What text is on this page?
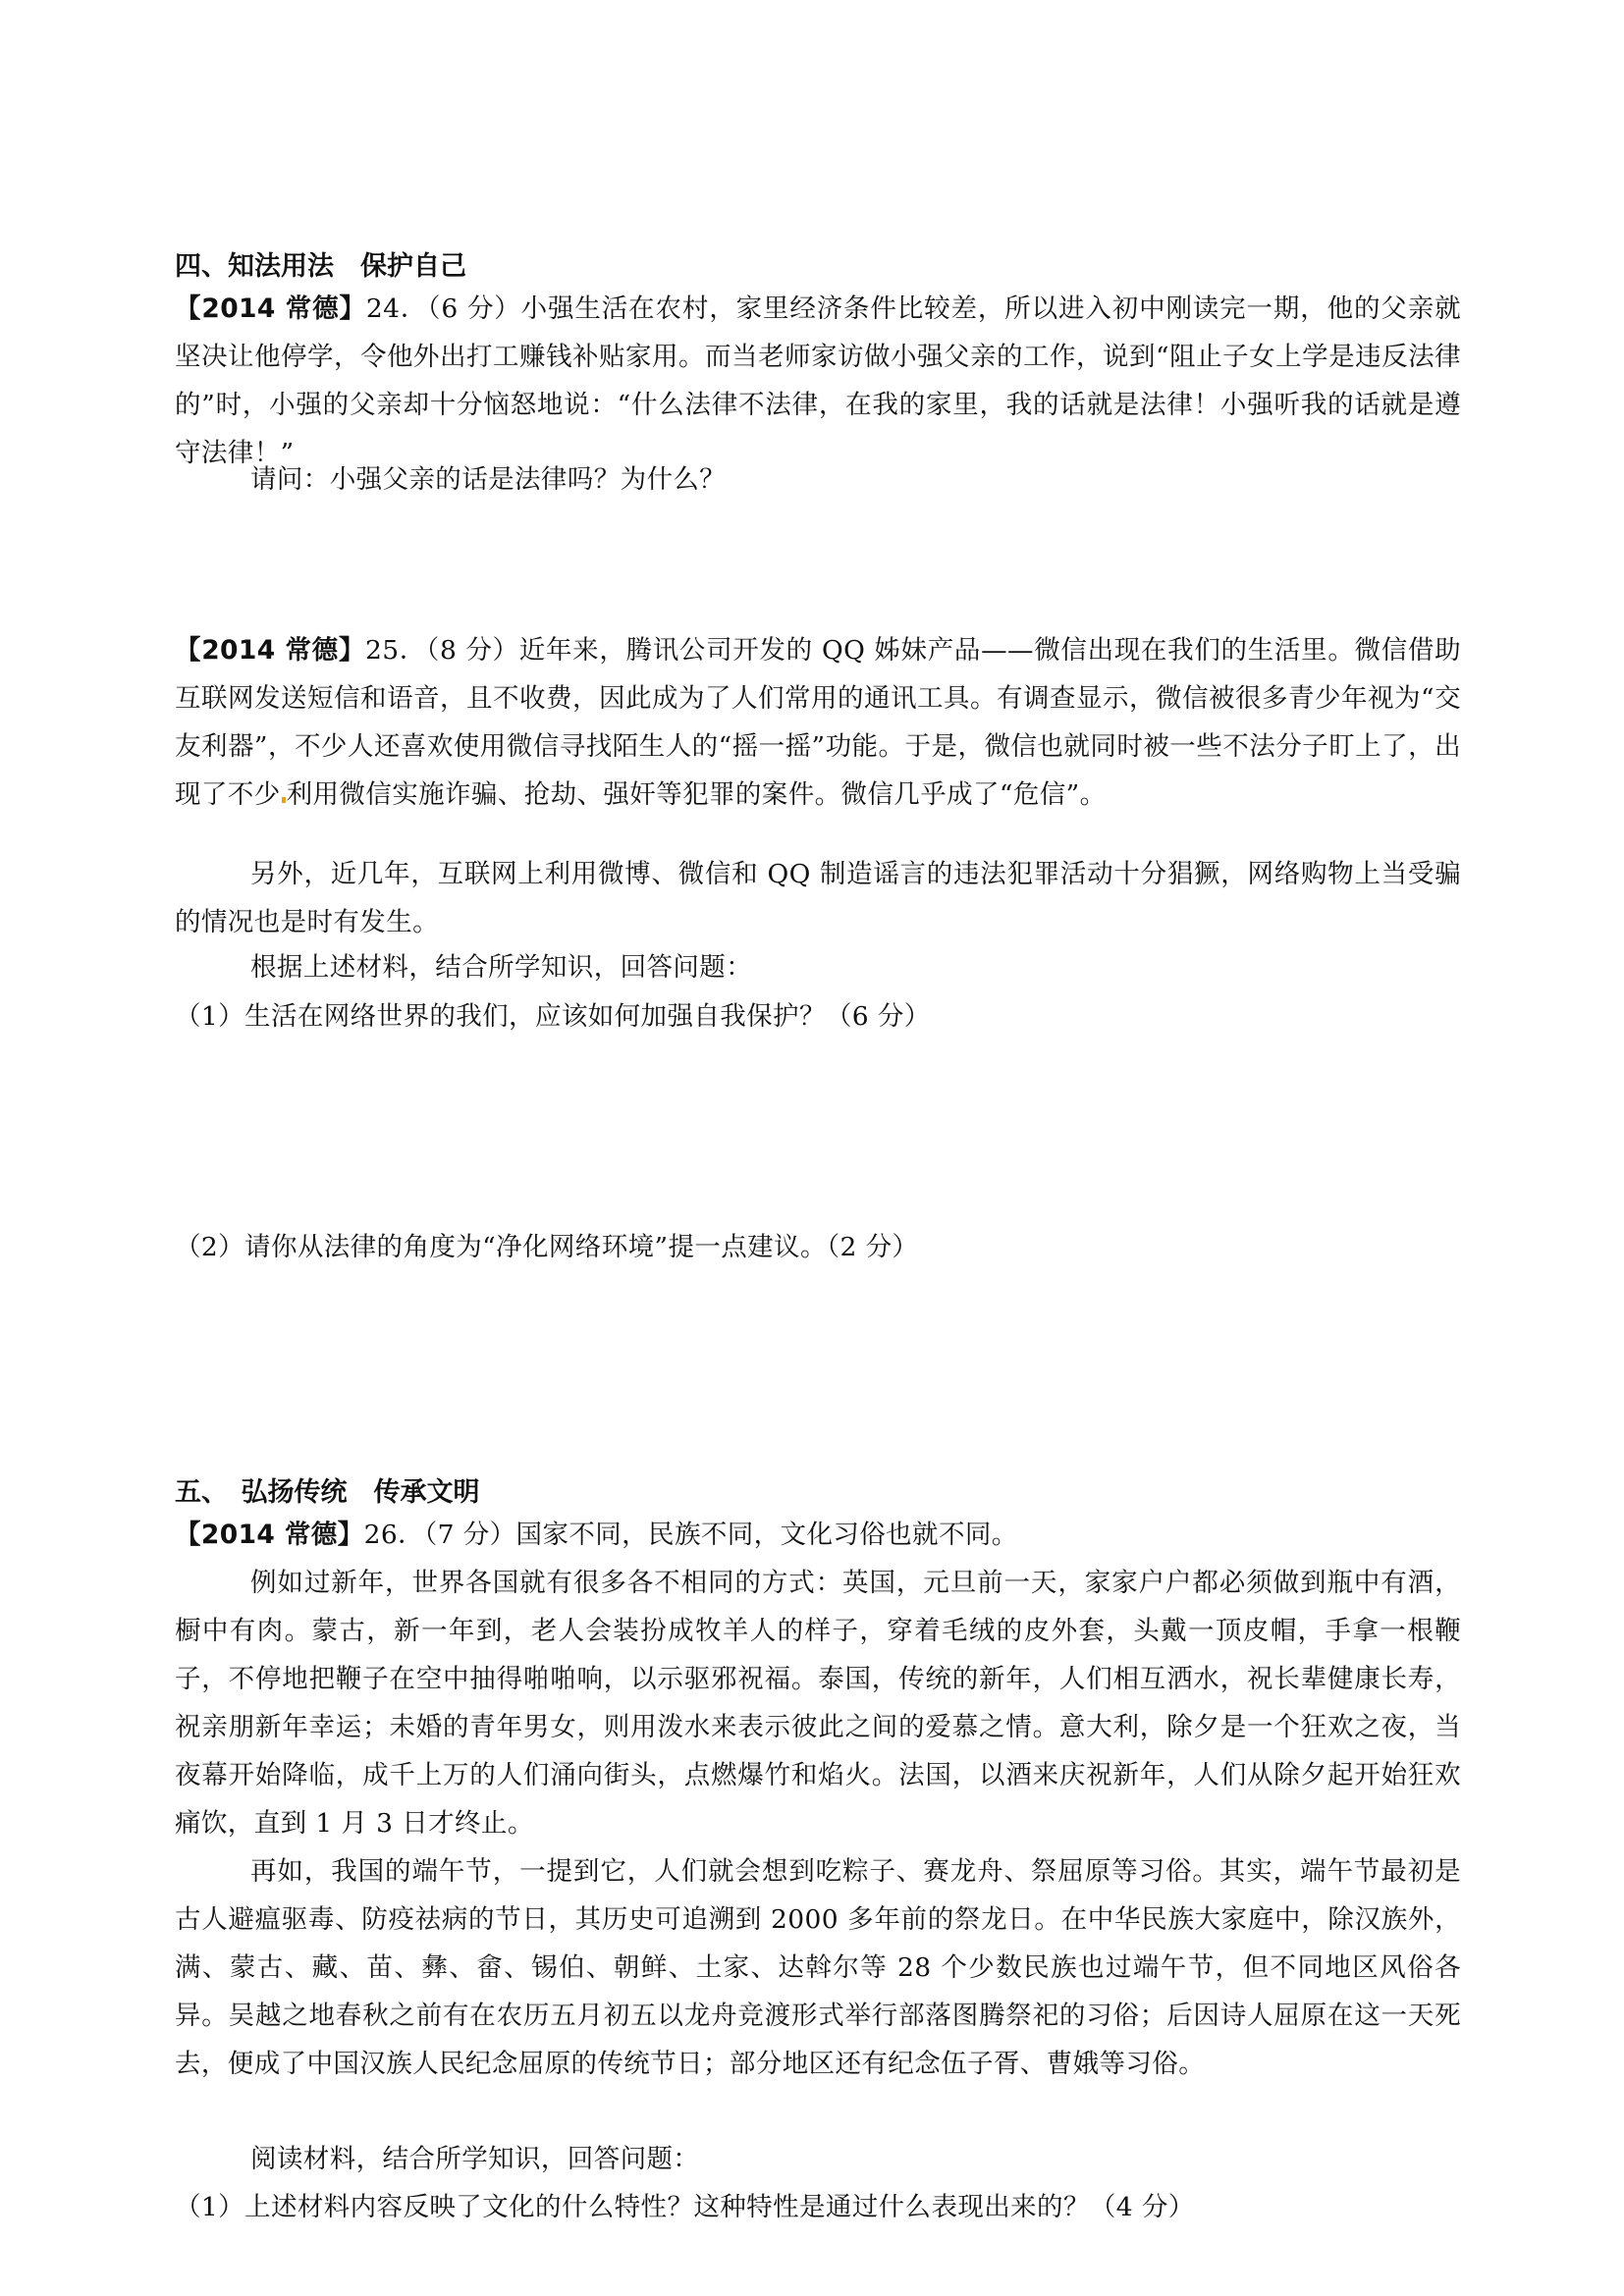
四、知法用法　保护自己
【2014 常德】24．（6 分）小强生活在农村，家里经济条件比较差，所以进入初中刚读完一期，他的父亲就坚决让他停学，令他外出打工赚钱补贴家用。而当老师家访做小强父亲的工作，说到“阻止子女上学是违反法律的”时，小强的父亲却十分恼怒地说：“什么法律不法律，在我的家里，我的话就是法律！小强听我的话就是遵守法律！”
请问：小强父亲的话是法律吗？为什么？
【2014 常德】25．（8 分）近年来，腾讯公司开发的 QQ 姊妹产品——微信出现在我们的生活里。微信借助互联网发送短信和语音，且不收费，因此成为了人们常用的通讯工具。有调查显示，微信被很多青少年视为“交友利器”，不少人还喜欢使用微信寻找陌生人的“摇一摇”功能。于是，微信也就同时被一些不法分子盯上了，出现了不少 利用微信实施诈骗、抢劫、强奸等犯罪的案件。微信几乎成了“危信”。
另外，近几年，互联网上利用微博、微信和 QQ 制造谣言的违法犯罪活动十分猖獗，网络购物上当受骗的情况也是时有发生。
根据上述材料，结合所学知识，回答问题：
（1）生活在网络世界的我们，应该如何加强自我保护？（6 分）
（2）请你从法律的角度为“净化网络环境”提一点建议。（2 分）
五、　弘扬传统　传承文明
【2014 常德】26．（7 分）国家不同，民族不同，文化习俗也就不同。
例如过新年，世界各国就有很多各不相同的方式：英国，元旦前一天，家家户户都必须做到瓶中有酒，橱中有肉。蒙古，新一年到，老人会装扮成牧羊人的样子，穿着毛绒的皮外套，头戴一顶皮帽，手拿一根鞭子，不停地把鞭子在空中抽得啪啪响，以示驱邪祝福。泰国，传统的新年，人们相互洒水，祝长辈健康长寿，祝亲朋新年幸运；未婚的青年男女，则用泼水来表示彼此之间的爱慕之情。意大利，除夕是一个狂欢之夜，当夜幕开始降临，成千上万的人们涌向街头，点燃爆竹和焰火。法国，以酒来庆祝新年，人们从除夕起开始狂欢痛饮，直到 1 月 3 日才终止。
再如，我国的端午节，一提到它，人们就会想到吃粽子、赛龙舟、祭屈原等习俗。其实，端午节最初是古人避瘟驱毒、防疫祛病的节日，其历史可追溯到 2000 多年前的祭龙日。在中华民族大家庭中，除汉族外，满、蒙古、藏、苗、彝、畲、锡伯、朝鲜、土家、达斡尔等 28 个少数民族也过端午节，但不同地区风俗各异。吴越之地春秋之前有在农历五月初五以龙舟竞渡形式举行部落图腾祭祀的习俗；后因诗人屈原在这一天死去，便成了中国汉族人民纪念屈原的传统节日；部分地区还有纪念伍子胥、曹娥等习俗。
阅读材料，结合所学知识，回答问题：
（1）上述材料内容反映了文化的什么特性？这种特性是通过什么表现出来的？（4 分）
